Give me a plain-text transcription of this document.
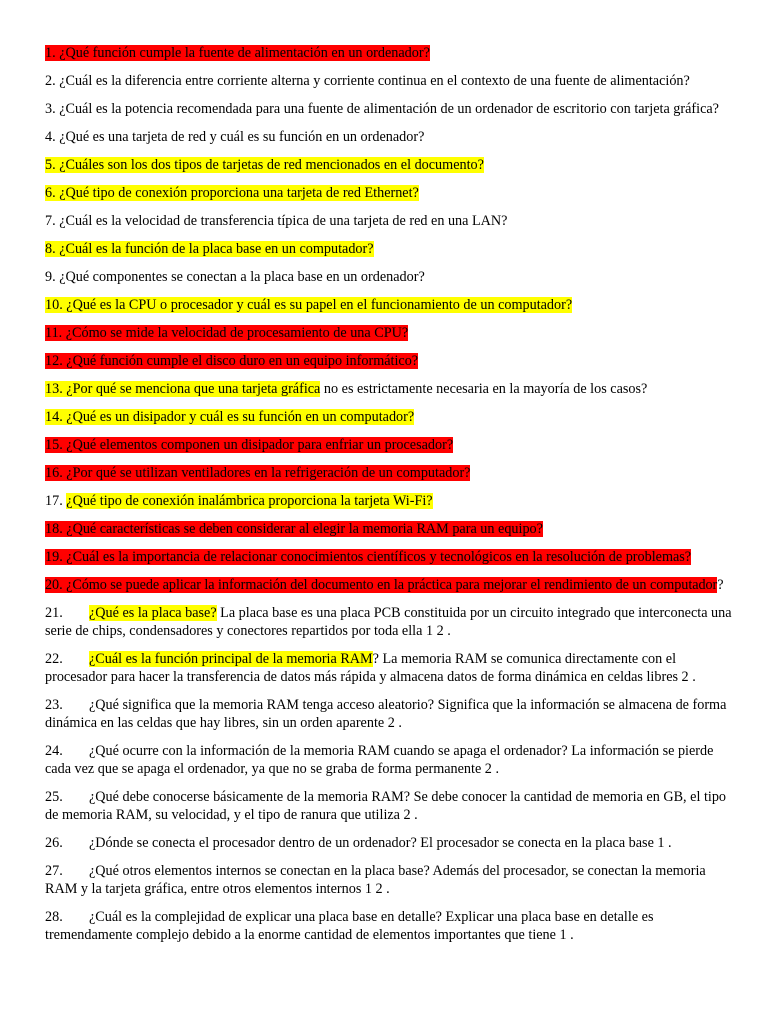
1. ¿Qué función cumple la fuente de alimentación en un ordenador?
2. ¿Cuál es la diferencia entre corriente alterna y corriente continua en el contexto de una fuente de alimentación?
3. ¿Cuál es la potencia recomendada para una fuente de alimentación de un ordenador de escritorio con tarjeta gráfica?
4. ¿Qué es una tarjeta de red y cuál es su función en un ordenador?
5. ¿Cuáles son los dos tipos de tarjetas de red mencionados en el documento?
6. ¿Qué tipo de conexión proporciona una tarjeta de red Ethernet?
7. ¿Cuál es la velocidad de transferencia típica de una tarjeta de red en una LAN?
8. ¿Cuál es la función de la placa base en un computador?
9. ¿Qué componentes se conectan a la placa base en un ordenador?
10. ¿Qué es la CPU o procesador y cuál es su papel en el funcionamiento de un computador?
11. ¿Cómo se mide la velocidad de procesamiento de una CPU?
12. ¿Qué función cumple el disco duro en un equipo informático?
13. ¿Por qué se menciona que una tarjeta gráfica no es estrictamente necesaria en la mayoría de los casos?
14. ¿Qué es un disipador y cuál es su función en un computador?
15. ¿Qué elementos componen un disipador para enfriar un procesador?
16. ¿Por qué se utilizan ventiladores en la refrigeración de un computador?
17. ¿Qué tipo de conexión inalámbrica proporciona la tarjeta Wi-Fi?
18. ¿Qué características se deben considerar al elegir la memoria RAM para un equipo?
19. ¿Cuál es la importancia de relacionar conocimientos científicos y tecnológicos en la resolución de problemas?
20. ¿Cómo se puede aplicar la información del documento en la práctica para mejorar el rendimiento de un computador?
21. ¿Qué es la placa base? La placa base es una placa PCB constituida por un circuito integrado que interconecta una serie de chips, condensadores y conectores repartidos por toda ella 1 2 .
22. ¿Cuál es la función principal de la memoria RAM? La memoria RAM se comunica directamente con el procesador para hacer la transferencia de datos más rápida y almacena datos de forma dinámica en celdas libres 2 .
23. ¿Qué significa que la memoria RAM tenga acceso aleatorio? Significa que la información se almacena de forma dinámica en las celdas que hay libres, sin un orden aparente 2 .
24. ¿Qué ocurre con la información de la memoria RAM cuando se apaga el ordenador? La información se pierde cada vez que se apaga el ordenador, ya que no se graba de forma permanente 2 .
25. ¿Qué debe conocerse básicamente de la memoria RAM? Se debe conocer la cantidad de memoria en GB, el tipo de memoria RAM, su velocidad, y el tipo de ranura que utiliza 2 .
26. ¿Dónde se conecta el procesador dentro de un ordenador? El procesador se conecta en la placa base 1 .
27. ¿Qué otros elementos internos se conectan en la placa base? Además del procesador, se conectan la memoria RAM y la tarjeta gráfica, entre otros elementos internos 1 2 .
28. ¿Cuál es la complejidad de explicar una placa base en detalle? Explicar una placa base en detalle es tremendamente complejo debido a la enorme cantidad de elementos importantes que tiene 1 .
